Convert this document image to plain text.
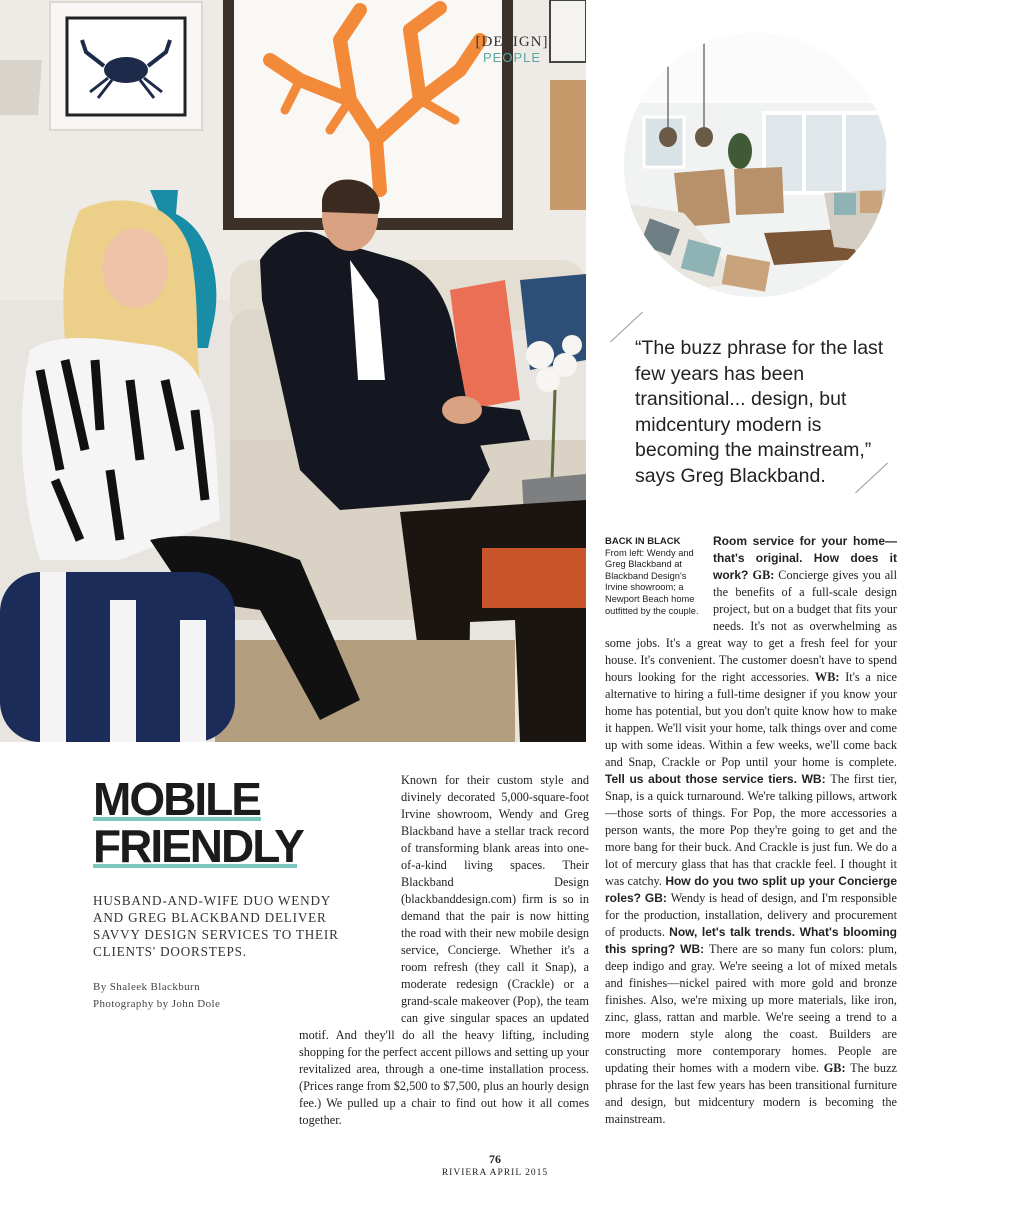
[DESIGN]
PEOPLE

“The buzz phrase for the last few years has been transitional... design, but midcentury modern is becoming the mainstream,” says Greg Blackband.

BACK IN BLACK
From left: Wendy and Greg Blackband at Blackband Design's Irvine showroom; a Newport Beach home outfitted by the couple.
Room service for your home—that's original. How does it work? GB: Concierge gives you all the benefits of a full-scale design project, but on a budget that fits your needs. It's not as overwhelming as some jobs. It's a great way to get a fresh feel for your house. It's convenient. The customer doesn't have to spend hours looking for the right accessories. WB: It's a nice alternative to hiring a full-time designer if you know your home has potential, but you don't quite know how to make it happen. We'll visit your home, talk things over and come up with some ideas. Within a few weeks, we'll come back and Snap, Crackle or Pop until your home is complete. Tell us about those service tiers. WB: The first tier, Snap, is a quick turnaround. We're talking pillows, artwork—those sorts of things. For Pop, the more accessories a person wants, the more Pop they're going to get and the more bang for their buck. And Crackle is just fun. We do a lot of mercury glass that has that crackle feel. I thought it was catchy. How do you two split up your Concierge roles? GB: Wendy is head of design, and I'm responsible for the production, installation, delivery and procurement of products. Now, let's talk trends. What's blooming this spring? WB: There are so many fun colors: plum, deep indigo and gray. We're seeing a lot of mixed metals and finishes—nickel paired with more gold and bronze finishes. Also, we're mixing up more materials, like iron, zinc, glass, rattan and marble. We're seeing a trend to a more modern style along the coast. Builders are constructing more contemporary homes. People are updating their homes with a modern vibe. GB: The buzz phrase for the last few years has been transitional furniture and design, but midcentury modern is becoming the mainstream.
MOBILE
FRIENDLY

HUSBAND-AND-WIFE DUO WENDY AND GREG BLACKBAND DELIVER SAVVY DESIGN SERVICES TO THEIR CLIENTS' DOORSTEPS.

By Shaleek Blackburn
Photography by John Dole
Known for their custom style and divinely decorated 5,000-square-foot Irvine showroom, Wendy and Greg Blackband have a stellar track record of transforming blank areas into one-of-a-kind living spaces. Their Blackband Design (blackbanddesign.com) firm is so in demand that the pair is now hitting the road with their new mobile design service, Concierge. Whether it's a room refresh (they call it Snap), a moderate redesign (Crackle) or a grand-scale makeover (Pop), the team can give singular spaces an updated motif. And they'll do all the heavy lifting, including shopping for the perfect accent pillows and setting up your revitalized area, through a one-time installation process. (Prices range from $2,500 to $7,500, plus an hourly design fee.) We pulled up a chair to find out how it all comes together.
76
RIVIERA APRIL 2015
